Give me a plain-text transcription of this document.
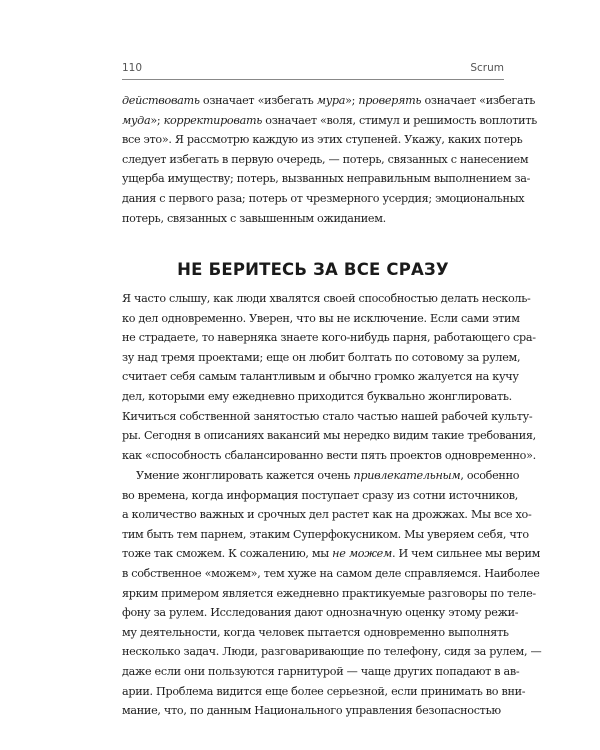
110	Scrum
действовать означает «избегать мура»; проверять означает «избегать
муда»; корректировать означает «воля, стимул и решимость воплотить
все это». Я рассмотрю каждую из этих ступеней. Укажу, каких потерь
следует избегать в первую очередь, — потерь, связанных с нанесением
ущерба имуществу; потерь, вызванных неправильным выполнением за-
дания с первого раза; потерь от чрезмерного усердия; эмоциональных
потерь, связанных с завышенным ожиданием.
НЕ БЕРИТЕСЬ ЗА ВСЕ СРАЗУ
Я часто слышу, как люди хвалятся своей способностью делать несколь-
ко дел одновременно. Уверен, что вы не исключение. Если сами этим
не страдаете, то наверняка знаете кого-нибудь парня, работающего сра-
зу над тремя проектами; еще он любит болтать по сотовому за рулем,
считает себя самым талантливым и обычно громко жалуется на кучу
дел, которыми ему ежедневно приходится буквально жонглировать.
Кичиться собственной занятостью стало частью нашей рабочей культу-
ры. Сегодня в описаниях вакансий мы нередко видим такие требования,
как «способность сбалансированно вести пять проектов одновременно».
Умение жонглировать кажется очень привлекательным, особенно
во времена, когда информация поступает сразу из сотни источников,
а количество важных и срочных дел растет как на дрожжах. Мы все хо-
тим быть тем парнем, этаким Суперфокусником. Мы уверяем себя, что
тоже так сможем. К сожалению, мы не можем. И чем сильнее мы верим
в собственное «можем», тем хуже на самом деле справляемся. Наиболее
ярким примером является ежедневно практикуемые разговоры по теле-
фону за рулем. Исследования дают однозначную оценку этому режи-
му деятельности, когда человек пытается одновременно выполнять
несколько задач. Люди, разговаривающие по телефону, сидя за рулем, —
даже если они пользуются гарнитурой — чаще других попадают в ав-
арии. Проблема видится еще более серьезной, если принимать во вни-
мание, что, по данным Национального управления безопасностью
